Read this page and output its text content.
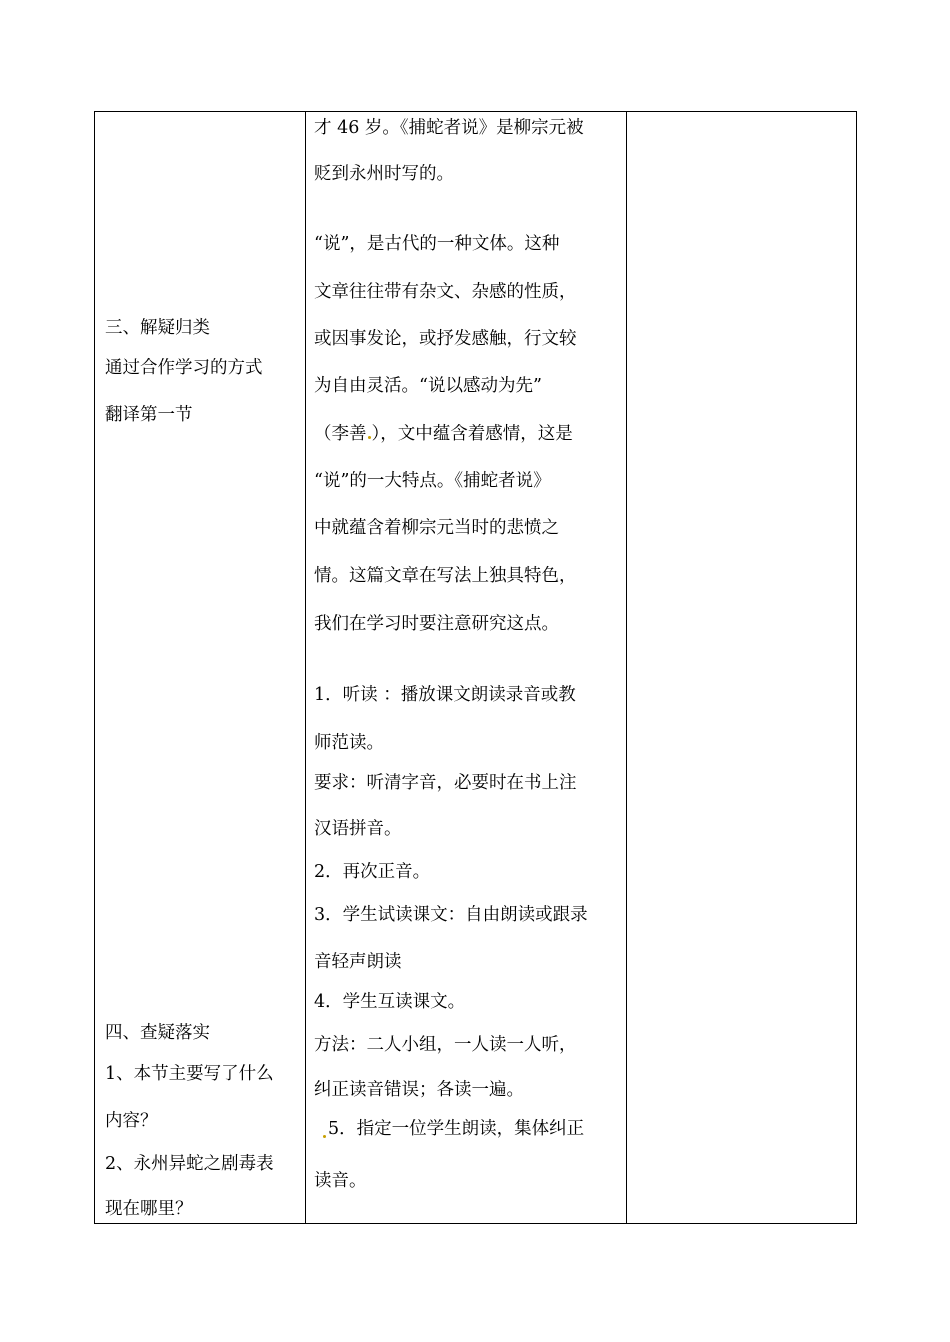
三、解疑归类
通过合作学习的方式
翻译第一节
四、查疑落实
1、本节主要写了什么
内容？
2、永州异蛇之剧毒表
现在哪里？
才 46 岁。《捕蛇者说》是柳宗元被
贬到永州时写的。
“说”，是古代的一种文体。这种
文章往往带有杂文、杂感的性质，
或因事发论，或抒发感触，行文较
为自由灵活。“说以感动为先”
（李善 ），文中蕴含着感情，这是
“说”的一大特点。《捕蛇者说》
中就蕴含着柳宗元当时的悲愤之
情。这篇文章在写法上独具特色，
我们在学习时要注意研究这点。
1．听读 ：播放课文朗读录音或教
师范读。
要求：听清字音，必要时在书上注
汉语拼音。
2．再次正音。
3．学生试读课文：自由朗读或跟录
音轻声朗读
4．学生互读课文。
方法：二人小组，一人读一人听，
纠正读音错误；各读一遍。
5．指定一位学生朗读，集体纠正
读音。
